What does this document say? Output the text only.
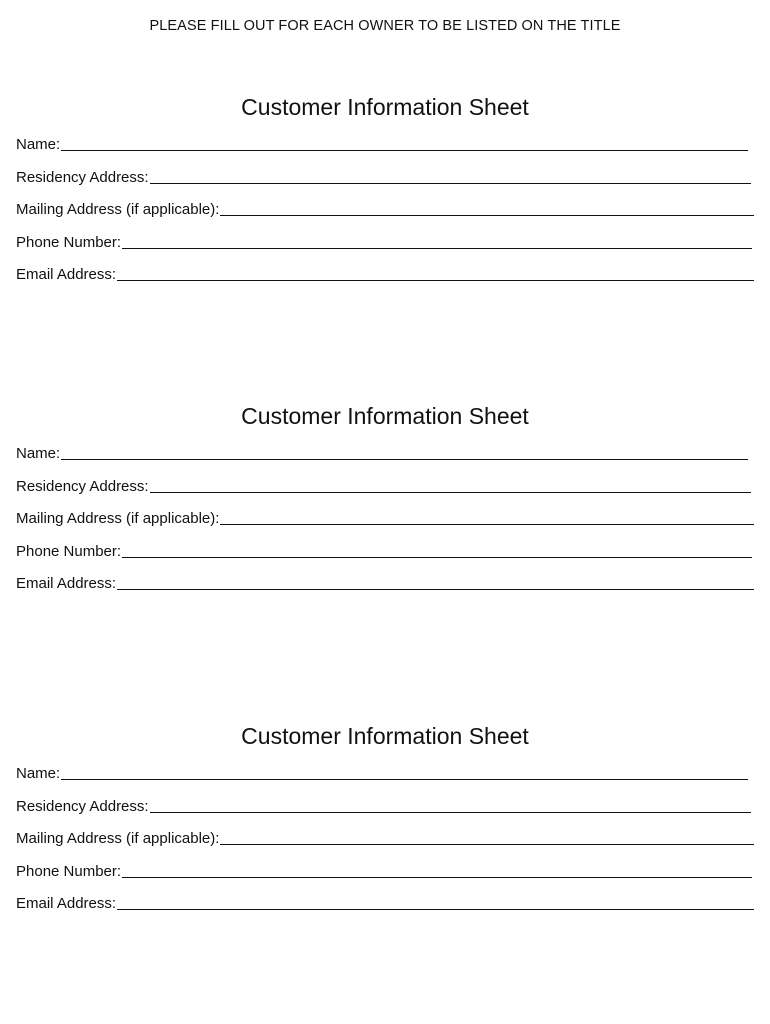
PLEASE FILL OUT FOR EACH OWNER TO BE LISTED ON THE TITLE
Customer Information Sheet
Name:
Residency Address:
Mailing Address (if applicable):
Phone Number:
Email Address:
Customer Information Sheet
Name:
Residency Address:
Mailing Address (if applicable):
Phone Number:
Email Address:
Customer Information Sheet
Name:
Residency Address:
Mailing Address (if applicable):
Phone Number:
Email Address:
